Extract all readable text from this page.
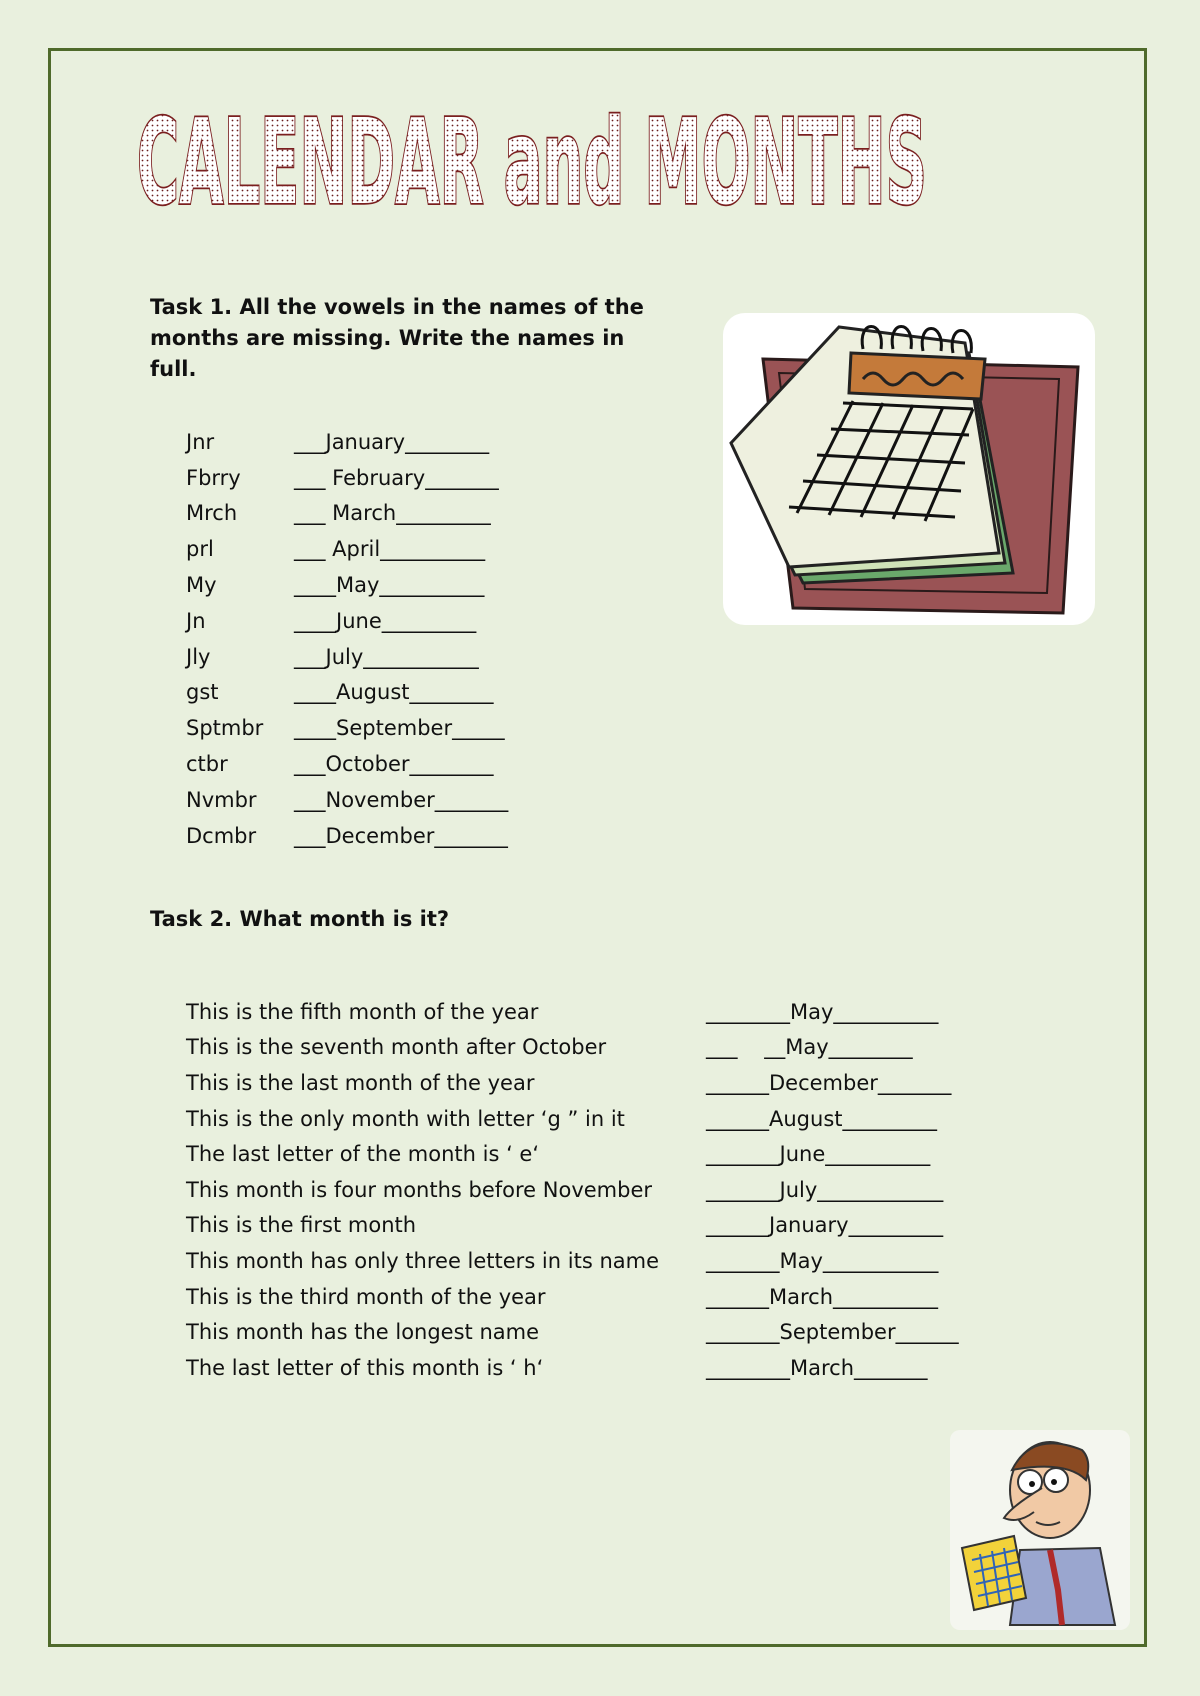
CALENDAR and MONTHS
Task 1. All the vowels in the names of the months are missing. Write the names in full.
Jnr	___January________
Fbrry	___ February_______
Mrch	___ March_________
prl	___ April__________
My	____May__________
Jn	____June_________
Jly	___July___________
gst	____August________
Sptmbr	____September_____
ctbr	___October________
Nvmbr	___November_______
Dcmbr	___December_______
Task 2. What month is it?
This is the fifth month of the year	________May__________
This is the seventh month after October	___    __May________
This is the last month of the year	______December_______
This is the only month with letter ‘g ” in it	______August_________
The last letter of the month is ‘ e‘	_______June__________
This month is four months before November	_______July____________
This is the first month	______January_________
This month has only three letters in its name	_______May___________
This is the third month of the year	______March__________
This month has the longest name	_______September______
The last letter of this month is ‘ h‘	________March_______
